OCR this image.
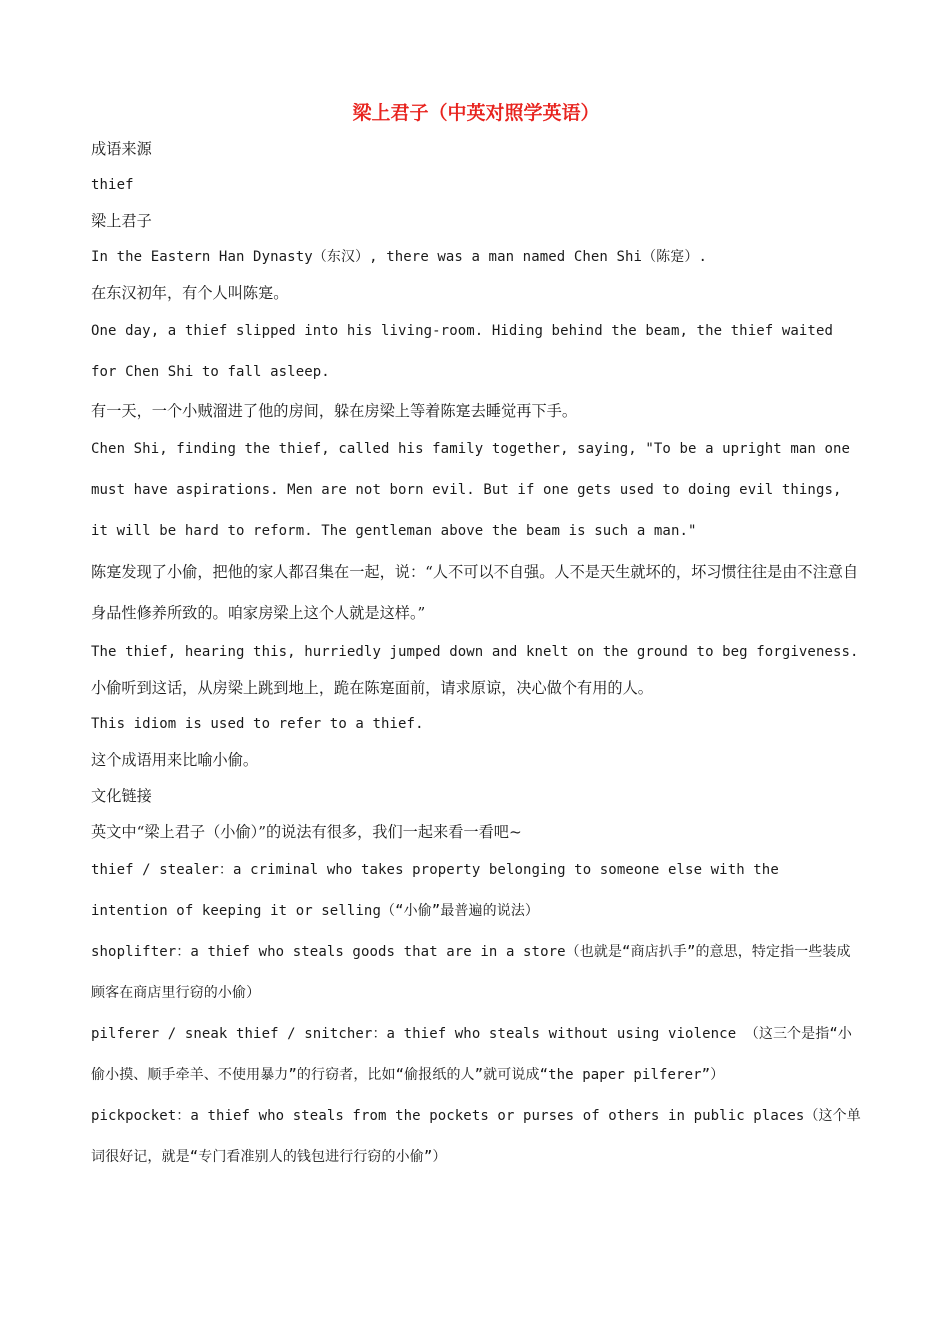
梁上君子（中英对照学英语）

成语来源

thief

梁上君子

In the Eastern Han Dynasty（东汉）, there was a man named Chen Shi（陈寔）.

在东汉初年，有个人叫陈寔。

One day, a thief slipped into his living-room. Hiding behind the beam, the thief waited for Chen Shi to fall asleep.

有一天，一个小贼溜进了他的房间，躲在房梁上等着陈寔去睡觉再下手。

Chen Shi, finding the thief, called his family together, saying, "To be a upright man one must have aspirations. Men are not born evil. But if one gets used to doing evil things, it will be hard to reform. The gentleman above the beam is such a man."

陈寔发现了小偷，把他的家人都召集在一起，说：“人不可以不自强。人不是天生就坏的，坏习惯往往是由不注意自身品性修养所致的。咱家房梁上这个人就是这样。”

The thief, hearing this, hurriedly jumped down and knelt on the ground to beg forgiveness.

小偷听到这话，从房梁上跳到地上，跪在陈寔面前，请求原谅，决心做个有用的人。

This idiom is used to refer to a thief.

这个成语用来比喻小偷。

文化链接

英文中“梁上君子（小偷）”的说法有很多，我们一起来看一看吧~

thief / stealer：a criminal who takes property belonging to someone else with the intention of keeping it or selling（“小偷”最普遍的说法）

shoplifter：a thief who steals goods that are in a store（也就是“商店扒手”的意思，特定指一些装成顾客在商店里行窃的小偷）

pilferer / sneak thief / snitcher：a thief who steals without using violence （这三个是指“小偷小摸、顺手牵羊、不使用暴力”的行窃者，比如“偷报纸的人”就可说成“the paper pilferer”）

pickpocket：a thief who steals from the pockets or purses of others in public places（这个单词很好记，就是“专门看准别人的钱包进行行窃的小偷”）
